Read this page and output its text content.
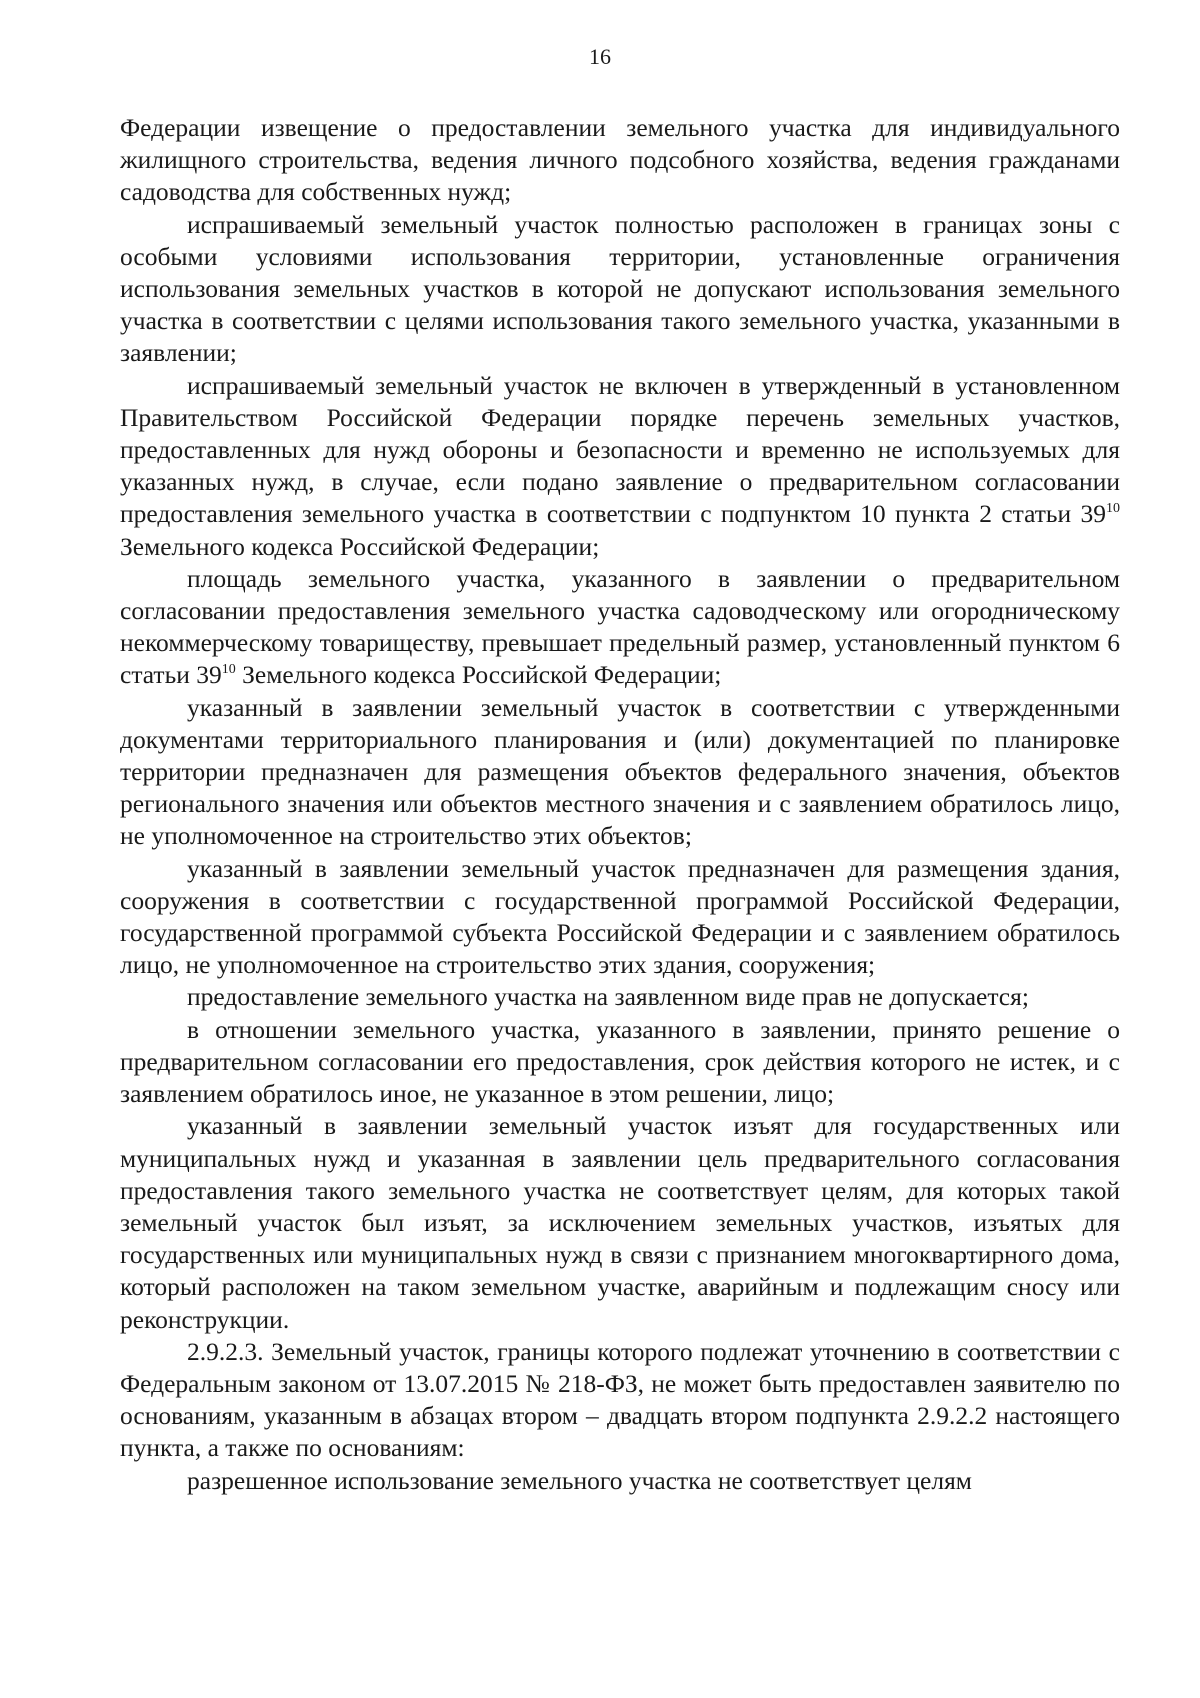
16

Федерации извещение о предоставлении земельного участка для индивидуального жилищного строительства, ведения личного подсобного хозяйства, ведения гражданами садоводства для собственных нужд;

испрашиваемый земельный участок полностью расположен в границах зоны с особыми условиями использования территории, установленные ограничения использования земельных участков в которой не допускают использования земельного участка в соответствии с целями использования такого земельного участка, указанными в заявлении;

испрашиваемый земельный участок не включен в утвержденный в установленном Правительством Российской Федерации порядке перечень земельных участков, предоставленных для нужд обороны и безопасности и временно не используемых для указанных нужд, в случае, если подано заявление о предварительном согласовании предоставления земельного участка в соответствии с подпунктом 10 пункта 2 статьи $39^{10}$ Земельного кодекса Российской Федерации;

площадь земельного участка, указанного в заявлении о предварительном согласовании предоставления земельного участка садоводческому или огородническому некоммерческому товариществу, превышает предельный размер, установленный пунктом 6 статьи $39^{10}$ Земельного кодекса Российской Федерации;

указанный в заявлении земельный участок в соответствии с утвержденными документами территориального планирования и (или) документацией по планировке территории предназначен для размещения объектов федерального значения, объектов регионального значения или объектов местного значения и с заявлением обратилось лицо, не уполномоченное на строительство этих объектов;

указанный в заявлении земельный участок предназначен для размещения здания, сооружения в соответствии с государственной программой Российской Федерации, государственной программой субъекта Российской Федерации и с заявлением обратилось лицо, не уполномоченное на строительство этих здания, сооружения;

предоставление земельного участка на заявленном виде прав не допускается;

в отношении земельного участка, указанного в заявлении, принято решение о предварительном согласовании его предоставления, срок действия которого не истек, и с заявлением обратилось иное, не указанное в этом решении, лицо;

указанный в заявлении земельный участок изъят для государственных или муниципальных нужд и указанная в заявлении цель предварительного согласования предоставления такого земельного участка не соответствует целям, для которых такой земельный участок был изъят, за исключением земельных участков, изъятых для государственных или муниципальных нужд в связи с признанием многоквартирного дома, который расположен на таком земельном участке, аварийным и подлежащим сносу или реконструкции.

2.9.2.3. Земельный участок, границы которого подлежат уточнению в соответствии с Федеральным законом от 13.07.2015 № 218-ФЗ, не может быть предоставлен заявителю по основаниям, указанным в абзацах втором – двадцать втором подпункта 2.9.2.2 настоящего пункта, а также по основаниям:

разрешенное использование земельного участка не соответствует целям
